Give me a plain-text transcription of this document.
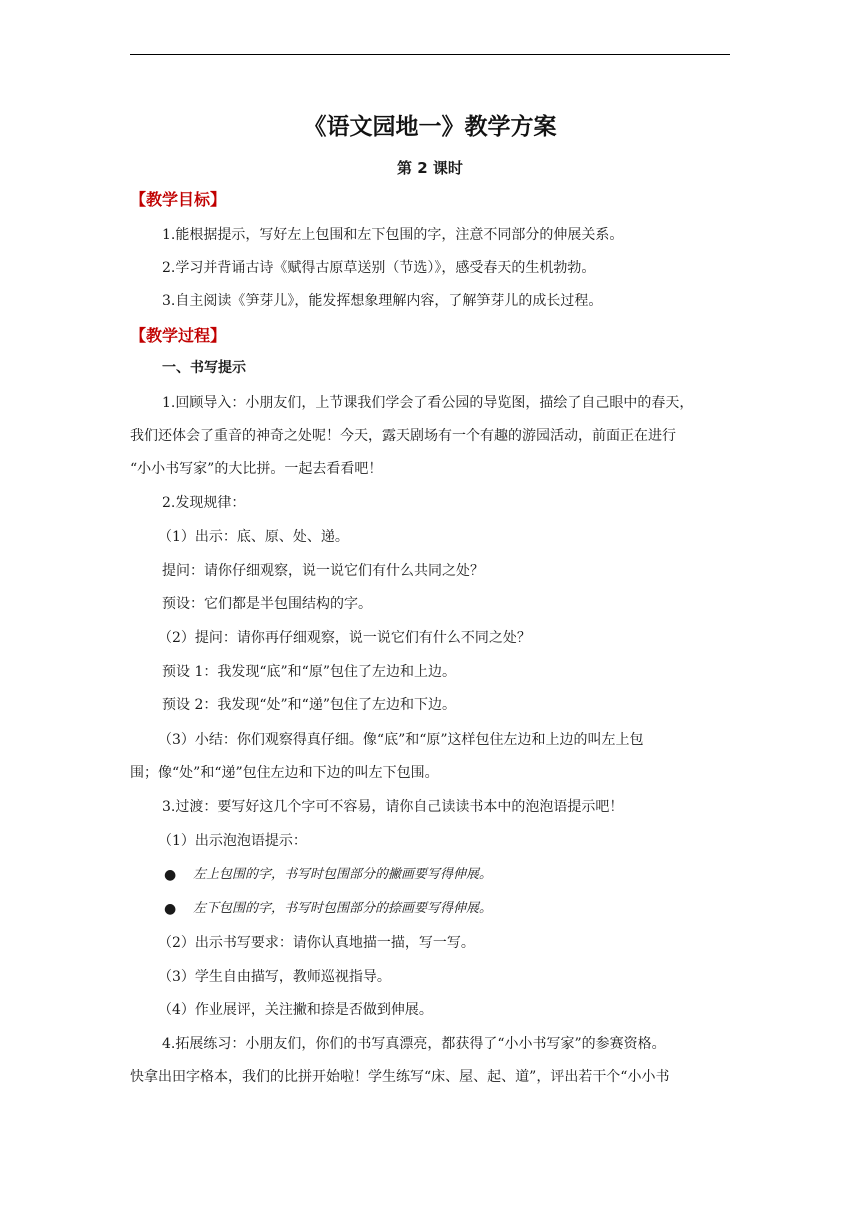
《语文园地一》教学方案
第 2 课时
【教学目标】
1.能根据提示，写好左上包围和左下包围的字，注意不同部分的伸展关系。
2.学习并背诵古诗《赋得古原草送别（节选）》，感受春天的生机勃勃。
3.自主阅读《笋芽儿》，能发挥想象理解内容，了解笋芽儿的成长过程。
【教学过程】
一、书写提示
1.回顾导入：小朋友们，上节课我们学会了看公园的导览图，描绘了自己眼中的春天，
我们还体会了重音的神奇之处呢！今天，露天剧场有一个有趣的游园活动，前面正在进行
“小小书写家”的大比拼。一起去看看吧！
2.发现规律：
（1）出示：底、原、处、递。
提问：请你仔细观察，说一说它们有什么共同之处？
预设：它们都是半包围结构的字。
（2）提问：请你再仔细观察，说一说它们有什么不同之处？
预设 1：我发现“底”和“原”包住了左边和上边。
预设 2：我发现“处”和“递”包住了左边和下边。
（3）小结：你们观察得真仔细。像“底”和“原”这样包住左边和上边的叫左上包
围；像“处”和“递”包住左边和下边的叫左下包围。
3.过渡：要写好这几个字可不容易，请你自己读读书本中的泡泡语提示吧！
（1）出示泡泡语提示：
● 左上包围的字，书写时包围部分的撇画要写得伸展。
● 左下包围的字，书写时包围部分的捺画要写得伸展。
（2）出示书写要求：请你认真地描一描，写一写。
（3）学生自由描写，教师巡视指导。
（4）作业展评，关注撇和捺是否做到伸展。
4.拓展练习：小朋友们，你们的书写真漂亮，都获得了“小小书写家”的参赛资格。
快拿出田字格本，我们的比拼开始啦！学生练写“床、屋、起、道”，评出若干个“小小书
